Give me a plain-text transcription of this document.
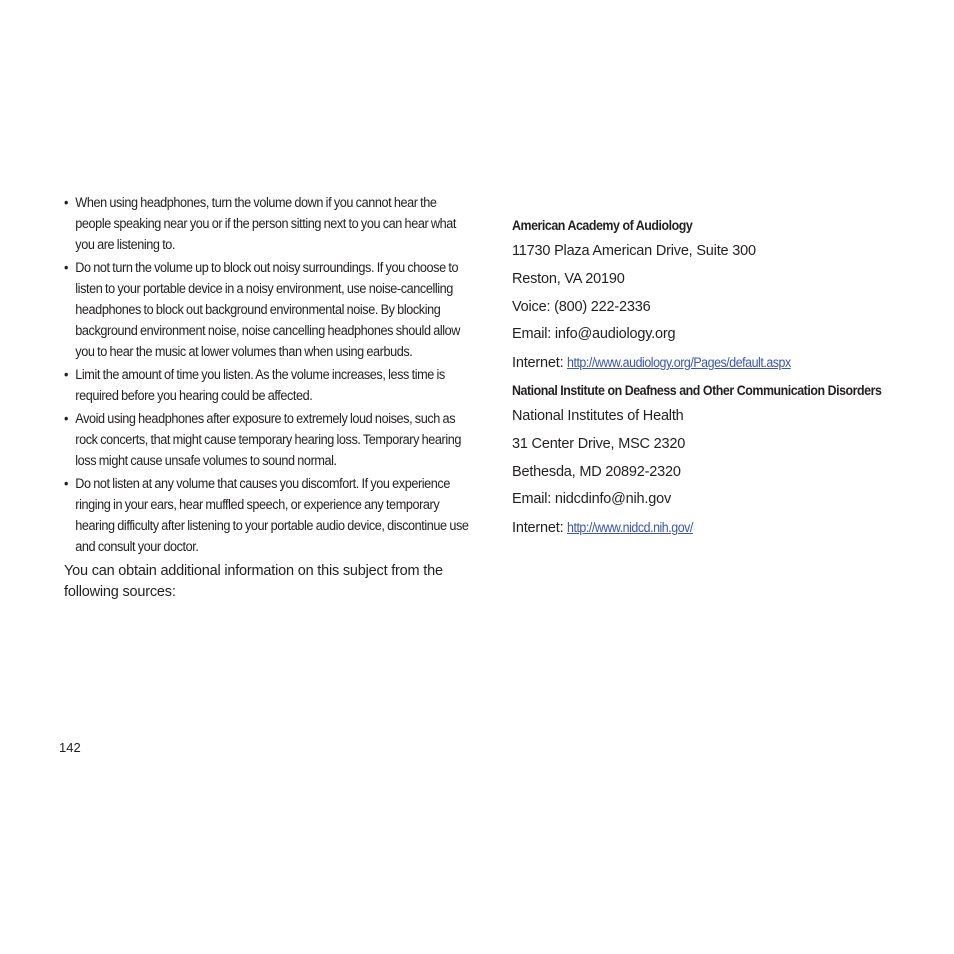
• When using headphones, turn the volume down if you cannot hear the people speaking near you or if the person sitting next to you can hear what you are listening to.
• Do not turn the volume up to block out noisy surroundings. If you choose to listen to your portable device in a noisy environment, use noise-cancelling headphones to block out background environmental noise. By blocking background environment noise, noise cancelling headphones should allow you to hear the music at lower volumes than when using earbuds.
• Limit the amount of time you listen. As the volume increases, less time is required before you hearing could be affected.
• Avoid using headphones after exposure to extremely loud noises, such as rock concerts, that might cause temporary hearing loss. Temporary hearing loss might cause unsafe volumes to sound normal.
• Do not listen at any volume that causes you discomfort. If you experience ringing in your ears, hear muffled speech, or experience any temporary hearing difficulty after listening to your portable audio device, discontinue use and consult your doctor.
You can obtain additional information on this subject from the following sources:
American Academy of Audiology
11730 Plaza American Drive, Suite 300
Reston, VA 20190
Voice: (800) 222-2336
Email: info@audiology.org
Internet: http://www.audiology.org/Pages/default.aspx
National Institute on Deafness and Other Communication Disorders
National Institutes of Health
31 Center Drive, MSC 2320
Bethesda, MD 20892-2320
Email: nidcdinfo@nih.gov
Internet: http://www.nidcd.nih.gov/
142
